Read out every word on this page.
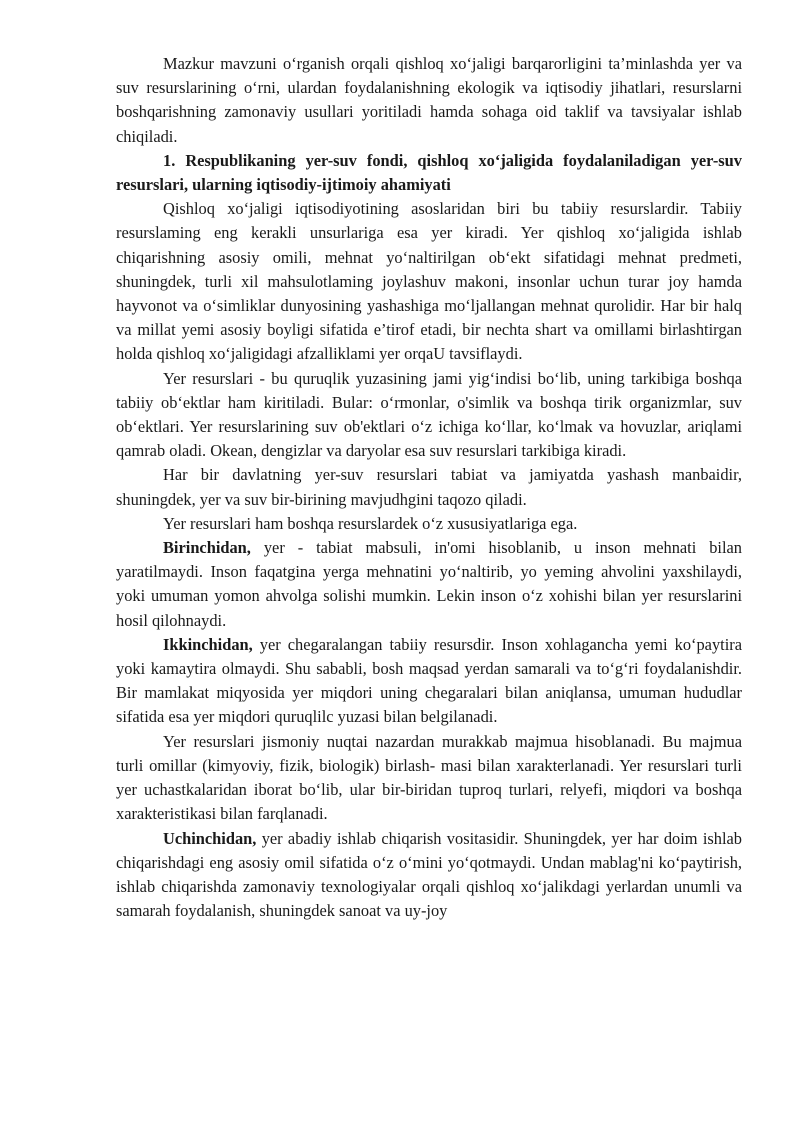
Mazkur mavzuni o‘rganish orqali qishloq xo‘jaligi barqarorligini ta’minlashda yer va suv resurslarining o‘rni, ulardan foydalanishning ekologik va iqtisodiy jihatlari, resurslarni boshqarishning zamonaviy usullari yoritiladi hamda sohaga oid taklif va tavsiyalar ishlab chiqiladi.

1. Respublikaning yer-suv fondi, qishloq xo‘jaligida foydalaniladigan yer-suv resurslari, ularning iqtisodiy-ijtimoiy ahamiyati

Qishloq xo‘jaligi iqtisodiyotining asoslaridan biri bu tabiiy resurslardir. Tabiiy resurslaming eng kerakli unsurlariga esa yer kiradi. Yer qishloq xo‘jaligida ishlab chiqarishning asosiy omili, mehnat yo‘naltirilgan ob‘ekt sifatidagi mehnat predmeti, shuningdek, turli xil mahsulotlaming joylashuv makoni, insonlar uchun turar joy hamda hayvonot va o‘simliklar dunyosining yashashiga mo‘ljallangan mehnat qurolidir. Har bir halq va millat yemi asosiy boyligi sifatida e’tirof etadi, bir nechta shart va omillami birlashtirgan holda qishloq xo‘jaligidagi afzalliklami yer orqaU tavsiflaydi.

Yer resurslari - bu quruqlik yuzasining jami yig‘indisi bo‘lib, uning tarkibiga boshqa tabiiy ob‘ektlar ham kiritiladi. Bular: o‘rmonlar, o'simlik va boshqa tirik organizmlar, suv ob‘ektlari. Yer resurslarining suv ob'ektlari o‘z ichiga ko‘llar, ko‘lmak va hovuzlar, ariqlami qamrab oladi. Okean, dengizlar va daryolar esa suv resurslari tarkibiga kiradi.

Har bir davlatning yer-suv resurslari tabiat va jamiyatda yashash manbaidir, shuningdek, yer va suv bir-birining mavjudhgini taqozo qiladi.

Yer resurslari ham boshqa resurslardek o‘z xususiyatlariga ega.

Birinchidan, yer - tabiat mabsuli, in'omi hisoblanib, u inson mehnati bilan yaratilmaydi. Inson faqatgina yerga mehnatini yo‘naltirib, yo yeming ahvolini yaxshilaydi, yoki umuman yomon ahvolga solishi mumkin. Lekin inson o‘z xohishi bilan yer resurslarini hosil qilohnaydi.

Ikkinchidan, yer chegaralangan tabiiy resursdir. Inson xohlagancha yemi ko‘paytira yoki kamaytira olmaydi. Shu sababli, bosh maqsad yerdan samarali va to‘g‘ri foydalanishdir. Bir mamlakat miqyosida yer miqdori uning chegaralari bilan aniqlansa, umuman hududlar sifatida esa yer miqdori quruqlilc yuzasi bilan belgilanadi.

Yer resurslari jismoniy nuqtai nazardan murakkab majmua hisoblanadi. Bu majmua turli omillar (kimyoviy, fizik, biologik) birlash- masi bilan xarakterlanadi. Yer resurslari turli yer uchastkalaridan iborat bo‘lib, ular bir-biridan tuproq turlari, relyefi, miqdori va boshqa xarakteristikasi bilan farqlanadi.

Uchinchidan, yer abadiy ishlab chiqarish vositasidir. Shuningdek, yer har doim ishlab chiqarishdagi eng asosiy omil sifatida o‘z o‘mini yo‘qotmaydi. Undan mablag'ni ko‘paytirish, ishlab chiqarishda zamonaviy texnologiyalar orqali qishloq xo‘jalikdagi yerlardan unumli va samarah foydalanish, shuningdek sanoat va uy-joy
